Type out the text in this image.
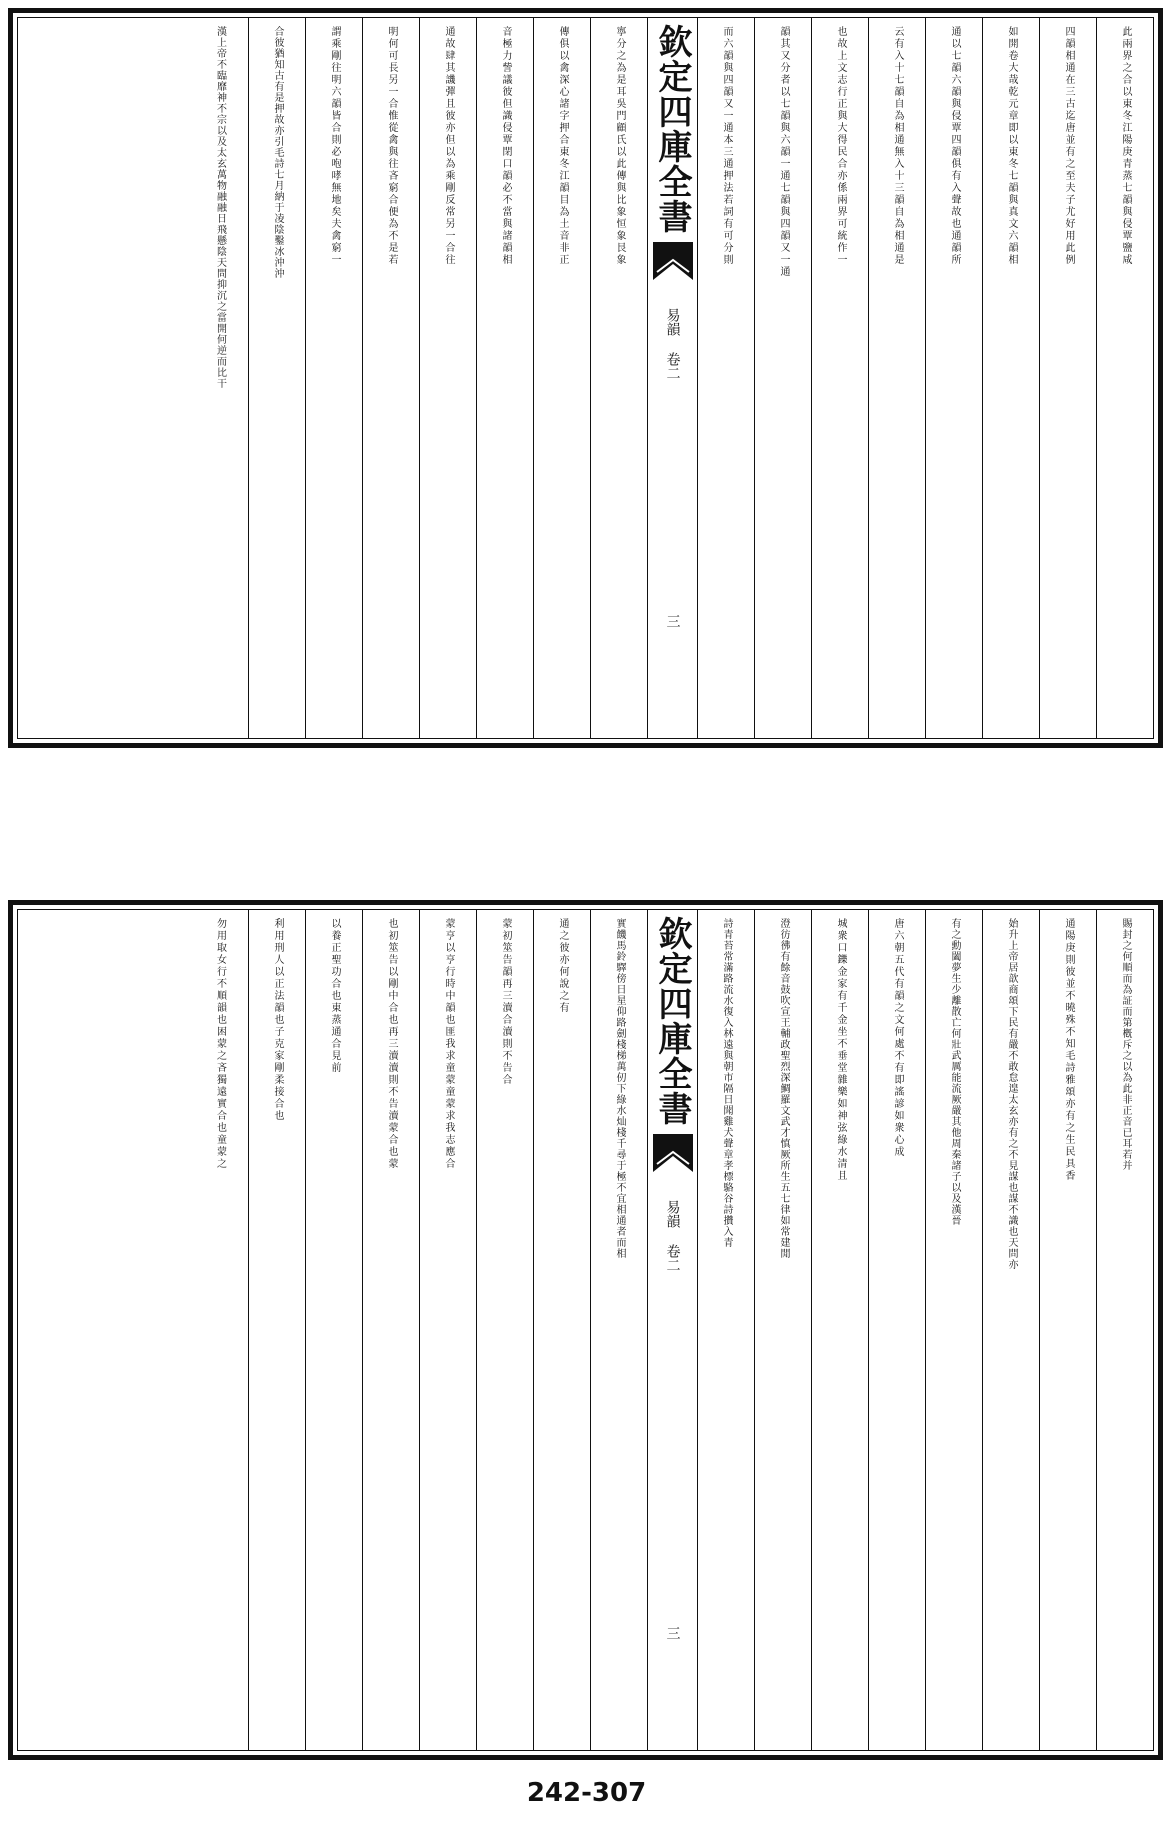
此兩界之合以東冬江陽庚青蒸七韻與侵覃鹽咸
四韻相通在三古迄唐並有之至夫子尤好用此例
如開卷大哉乾元章即以東冬七韻與真文六韻相
通以七韻六韻與侵覃四韻俱有入聲故也通韻所
云有入十七韻自為相通無入十三韻自為相通是
也故上文志行正與大得民合亦係兩界可統作一
韻其又分者以七韻與六韻一通七韻與四韻又一通
而六韻與四韻又一通本三通押法若詞有可分則
欽定四庫全書
易韻 卷二
三
寧分之為是耳吳門顧氏以此傳與比象恒象艮象
傳俱以禽深心諸字押合東冬江韻目為土音非正
音極力訾議彼但識侵覃閉口韻必不當與諸韻相
通故肆其譏彈且彼亦但以為乘剛反常另一合往
明何可長另一合惟從禽與往吝窮合便為不是若
謂乘剛往明六韻皆合則必咆哮無地矣夫禽窮一
合彼猶知古有是押故亦引毛詩七月納于凌陰鑿冰沖沖
漢上帝不臨靡神不宗以及太玄萬物融融日飛懸陰天問抑沉之當開何逆而比干
賜封之何順而為証而第槪斥之以為此非正音已耳若并
通陽庚則彼並不曉殊不知毛詩雅頌亦有之生民具香
始升上帝居歆商頌下民有嚴不敢怠遑太玄亦有之不見謀也謀不識也天問亦
有之勳闔夢生少離散亡何壯武厲能流厥嚴其他周秦諸子以及漢晉
唐六朝五代有韻之文何處不有即謠諺如衆心成
城衆口鑠金家有千金坐不垂堂雜樂如神弦綠水清且
澄彷彿有餘音鼓吹宣王輔政聖烈深鯛羅文武才慎厥所生五七律如常建閒
詩青苔常滿路流水復入林遠與朝市隔日聞雞犬聲章孝標駱谷詩攢入青
欽定四庫全書
易韻 卷二
三
實饑馬鈴驛傍日星仰路劍棧梯萬仞下綠水灿棧千尋于極不宜相通者而相
通之彼亦何說之有
蒙初筮告韻再三瀆合瀆則不告合
蒙亨以亨行時中韻也匪我求童蒙童蒙求我志應合
也初筮告以剛中合也再三瀆瀆則不告瀆蒙合也蒙
以養正聖功合也東蒸通合見前
利用刑人以正法韻也子克家剛柔接合也
勿用取女行不順韻也困蒙之吝獨遠實合也童蒙之
242-307
